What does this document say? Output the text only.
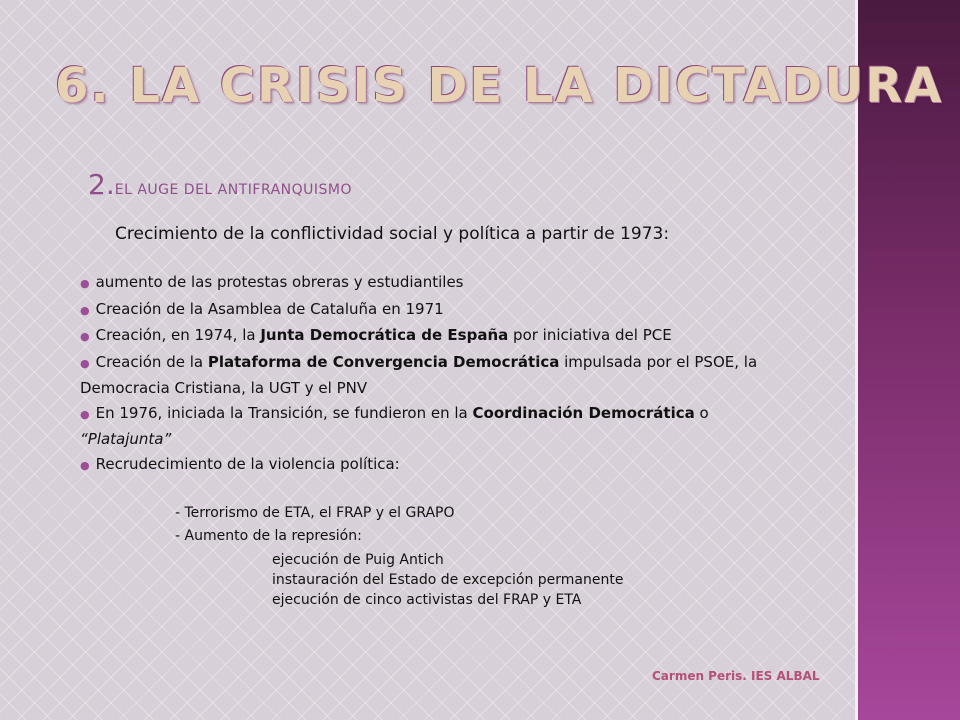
6. LA CRISIS DE LA DICTADURA

2.EL AUGE DEL ANTIFRANQUISMO

Crecimiento de la conflictividad social y política a partir de 1973:

● aumento de las protestas obreras y estudiantiles

● Creación de la Asamblea de Cataluña en 1971

● Creación, en 1974, la Junta Democrática de España por iniciativa del PCE

● Creación de la Plataforma de Convergencia Democrática impulsada por el PSOE, la Democracia Cristiana, la UGT y el PNV

● En 1976, iniciada la Transición, se fundieron en la Coordinación Democrática o “Platajunta”

● Recrudecimiento de la violencia política:

- Terrorismo de ETA, el FRAP y el GRAPO

- Aumento de la represión:

ejecución de Puig Antich

instauración del Estado de excepción permanente

ejecución de cinco activistas del FRAP y ETA

Carmen Peris. IES ALBAL
